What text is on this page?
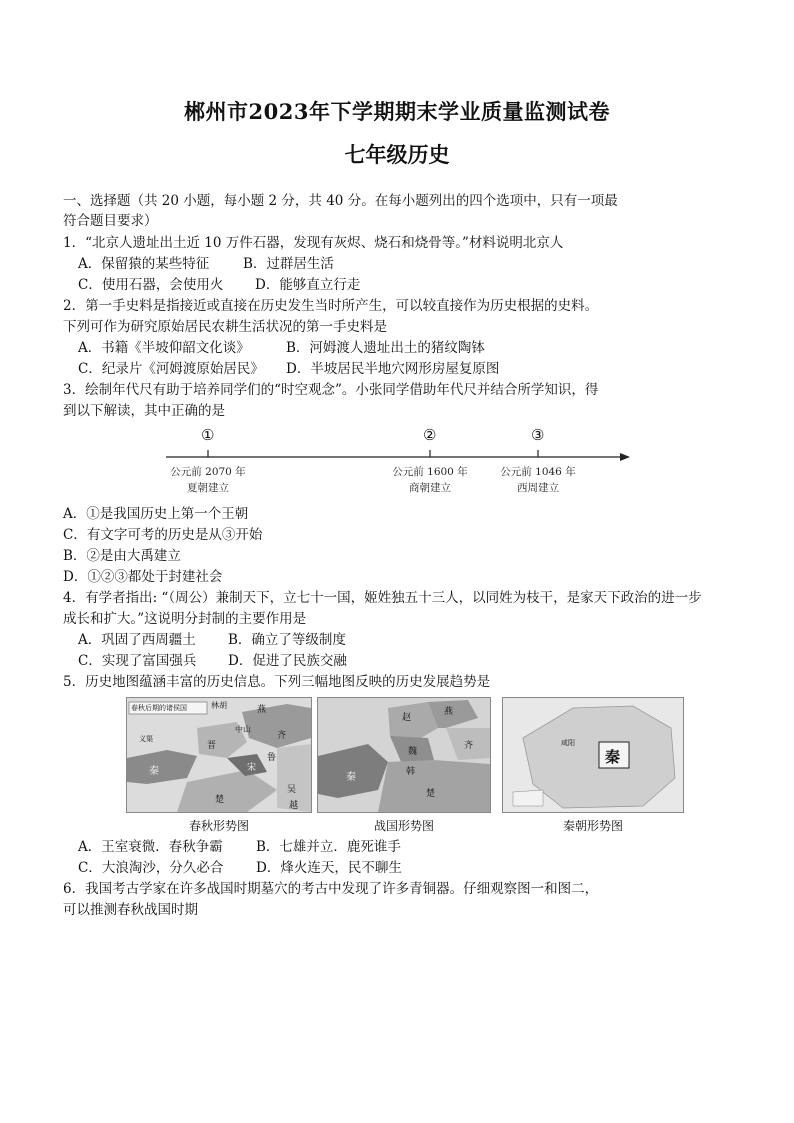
郴州市2023年下学期期末学业质量监测试卷
七年级历史
一、选择题（共 20 小题，每小题 2 分，共 40 分。在每小题列出的四个选项中，只有一项最
符合题目要求）
1．“北京人遗址出土近 10 万件石器，发现有灰烬、烧石和烧骨等。”材料说明北京人
A．保留猿的某些特征	B．过群居生活
C．使用石器，会使用火 D．能够直立行走
2．第一手史料是指接近或直接在历史发生当时所产生，可以较直接作为历史根据的史料。
下列可作为研究原始居民农耕生活状况的第一手史料是
A．书籍《半坡仰韶文化谈》	B．河姆渡人遗址出土的猪纹陶钵
C．纪录片《河姆渡原始居民》 D．半坡居民半地穴网形房屋复原图
3．绘制年代尺有助于培养同学们的“时空观念”。小张同学借助年代尺并结合所学知识，得
到以下解读，其中正确的是
①	②	③
公元前 2070 年
夏朝建立
公元前 1600 年
商朝建立
公元前 1046 年
西周建立
A．①是我国历史上第一个王朝
C．有文字可考的历史是从③开始
B．②是由大禹建立
D．①②③都处于封建社会
4．有学者指出: “（周公）兼制天下，立七十一国，姬姓独五十三人，以同姓为枝干，是家天下政治的进一步
成长和扩大。”这说明分封制的主要作用是
A．巩固了西周疆土 B．确立了等级制度
C．实现了富国强兵 D．促进了民族交融
5．历史地图蕴涵丰富的历史信息。下列三幅地图反映的历史发展趋势是
春秋后期的诸侯国	林胡	燕
中山
齐
晋
鲁
秦	宋
楚
吴
越
义渠
春秋形势图
赵
燕
齐
魏
韩
秦
楚
战国形势图
秦
咸阳
秦朝形势图
A．王室衰微．春秋争霸 B．七雄并立．鹿死谁手
C．大浪淘沙，分久必合 D．烽火连天，民不聊生
6．我国考古学家在许多战国时期墓穴的考古中发现了许多青铜器。仔细观察图一和图二，
可以推测春秋战国时期
